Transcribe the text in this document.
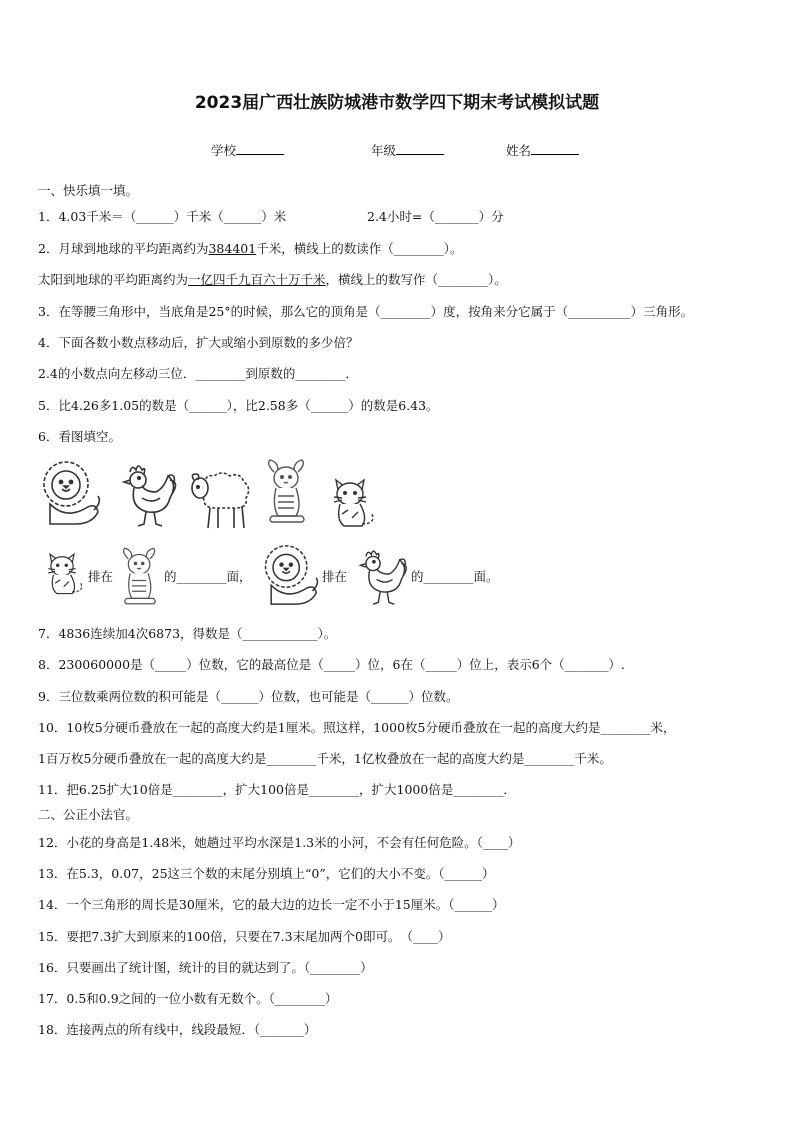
2023届广西壮族防城港市数学四下期末考试模拟试题
学校	年级	姓名
一、快乐填一填。
1．4.03千米＝（______）千米（______）米	2.4小时=（_______）分
2．月球到地球的平均距离约为384401千米，横线上的数读作（________）。
太阳到地球的平均距离约为一亿四千九百六十万千米，横线上的数写作（________）。
3．在等腰三角形中，当底角是25°的时候，那么它的顶角是（________）度，按角来分它属于（__________）三角形。
4．下面各数小数点移动后，扩大或缩小到原数的多少倍？
2.4的小数点向左移动三位．________到原数的________．
5．比4.26多1.05的数是（______），比2.58多（______）的数是6.43。
6．看图填空。
排在	的________面，	排在	的________面。
7．4836连续加4次6873，得数是（____________）。
8．230060000是（_____）位数，它的最高位是（_____）位，6在（_____）位上，表示6个（_______）.
9．三位数乘两位数的积可能是（______）位数，也可能是（______）位数。
10．10枚5分硬币叠放在一起的高度大约是1厘米。照这样，1000枚5分硬币叠放在一起的高度大约是________米，
1百万枚5分硬币叠放在一起的高度大约是________千米，1亿枚叠放在一起的高度大约是________千米。
11．把6.25扩大10倍是________，扩大100倍是________，扩大1000倍是________．
二、公正小法官。
12．小花的身高是1.48米，她趟过平均水深是1.3米的小河，不会有任何危险。（____）
13．在5.3，0.07，25这三个数的末尾分别填上“0”，它们的大小不变。（______）
14．一个三角形的周长是30厘米，它的最大边的边长一定不小于15厘米。（______）
15．要把7.3扩大到原来的100倍，只要在7.3末尾加两个0即可。　（____）
16．只要画出了统计图，统计的目的就达到了。（________）
17．0.5和0.9之间的一位小数有无数个。（________）
18．连接两点的所有线中，线段最短．（_______）
